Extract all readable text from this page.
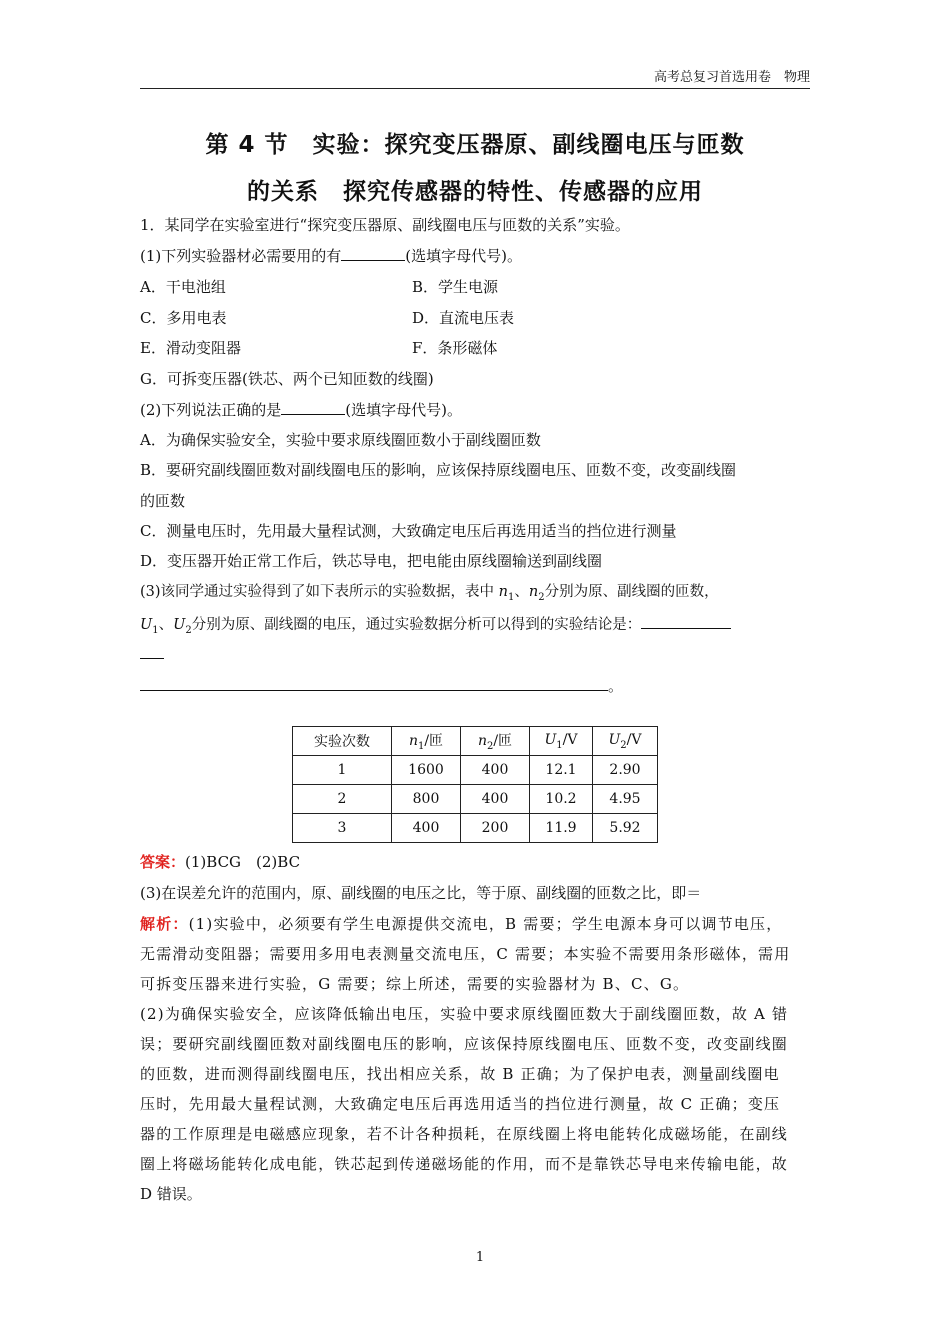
高考总复习首选用卷　物理
第 4 节　实验：探究变压器原、副线圈电压与匝数
的关系　探究传感器的特性、传感器的应用
1．某同学在实验室进行“探究变压器原、副线圈电压与匝数的关系”实验。
(1)下列实验器材必需要用的有	(选填字母代号)。
A．干电池组	B．学生电源
C．多用电表	D．直流电压表
E．滑动变阻器	F．条形磁体
G．可拆变压器(铁芯、两个已知匝数的线圈)
(2)下列说法正确的是	(选填字母代号)。
A．为确保实验安全，实验中要求原线圈匝数小于副线圈匝数
B．要研究副线圈匝数对副线圈电压的影响，应该保持原线圈电压、匝数不变，改变副线圈
的匝数
C．测量电压时，先用最大量程试测，大致确定电压后再选用适当的挡位进行测量
D．变压器开始正常工作后，铁芯导电，把电能由原线圈输送到副线圈
(3)该同学通过实验得到了如下表所示的实验数据，表中 $n_1$、$n_2$分别为原、副线圈的匝数，
$U_1$、$U_2$分别为原、副线圈的电压，通过实验数据分析可以得到的实验结论是：
。
实验次数	$n_1/$匝	$n_2/$匝	$U_1/V$	$U_2/V$
1	1600	400	12.1	2.90
2	800	400	10.2	4.95
3	400	200	11.9	5.92
答案：(1)BCG　(2)BC
(3)在误差允许的范围内，原、副线圈的电压之比，等于原、副线圈的匝数之比，即＝
解析：(1)实验中，必须要有学生电源提供交流电，B 需要；学生电源本身可以调节电压，
无需滑动变阻器；需要用多用电表测量交流电压，C 需要；本实验不需要用条形磁体，需用
可拆变压器来进行实验，G 需要；综上所述，需要的实验器材为 B、C、G。
(2)为确保实验安全，应该降低输出电压，实验中要求原线圈匝数大于副线圈匝数，故 A 错
误；要研究副线圈匝数对副线圈电压的影响，应该保持原线圈电压、匝数不变，改变副线圈
的匝数，进而测得副线圈电压，找出相应关系，故 B 正确；为了保护电表，测量副线圈电
压时，先用最大量程试测，大致确定电压后再选用适当的挡位进行测量，故 C 正确；变压
器的工作原理是电磁感应现象，若不计各种损耗，在原线圈上将电能转化成磁场能，在副线
圈上将磁场能转化成电能，铁芯起到传递磁场能的作用，而不是靠铁芯导电来传输电能，故
D 错误。
1
